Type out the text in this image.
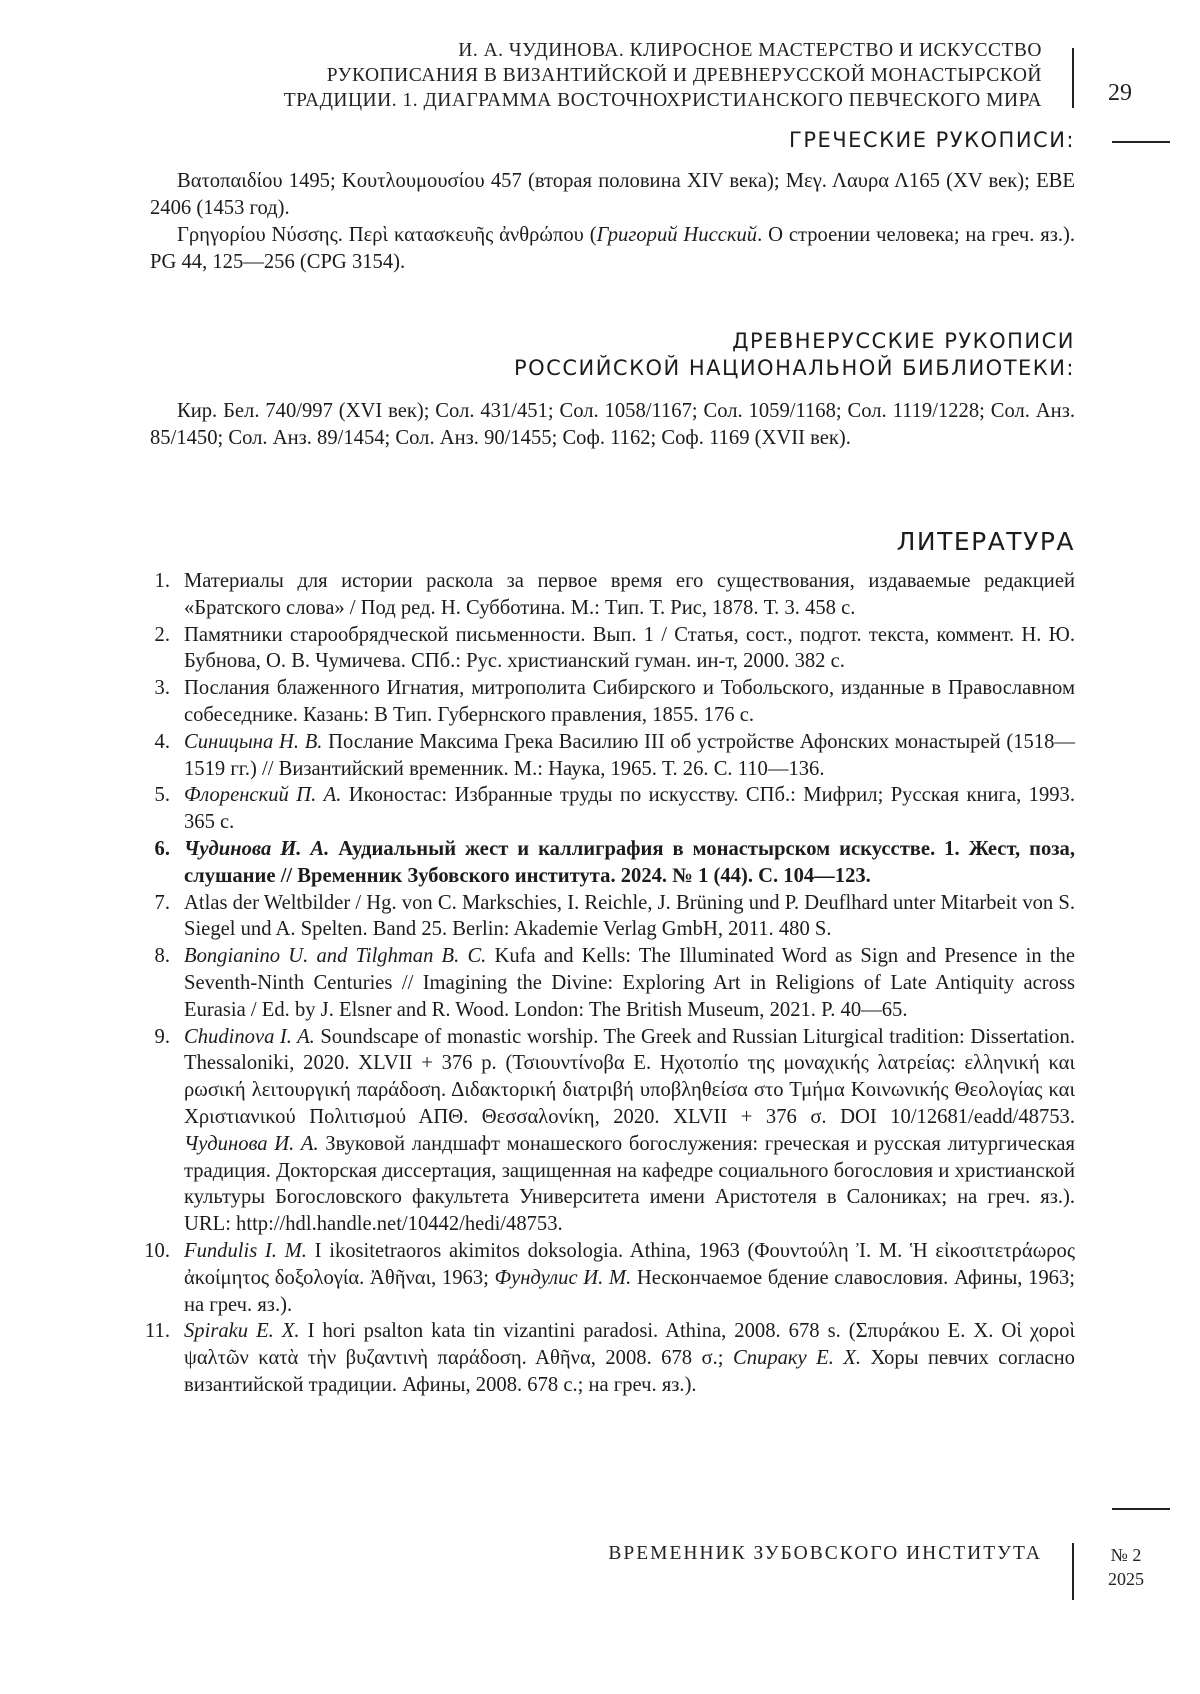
И. А. ЧУДИНОВА. КЛИРОСНОЕ МАСТЕРСТВО И ИСКУССТВО
РУКОПИСАНИЯ В ВИЗАНТИЙСКОЙ И ДРЕВНЕРУССКОЙ МОНАСТЫРСКОЙ
ТРАДИЦИИ. 1. ДИАГРАММА ВОСТОЧНОХРИСТИАНСКОГО ПЕВЧЕСКОГО МИРА	29
ГРЕЧЕСКИЕ РУКОПИСИ:

Βατοπαιδίου 1495; Κουτλουμουσίου 457 (вторая половина XIV века); Μεγ. Λαυρα Λ165 (XV век); ΕΒΕ 2406 (1453 год).

Γρηγορίου Νύσσης. Περὶ κατασκευῆς ἀνθρώπου (Григорий Нисский. О строении человека; на греч. яз.). PG 44, 125—256 (CPG 3154).

ДРЕВНЕРУССКИЕ РУКОПИСИ
РОССИЙСКОЙ НАЦИОНАЛЬНОЙ БИБЛИОТЕКИ:

Кир. Бел. 740/997 (XVI век); Сол. 431/451; Сол. 1058/1167; Сол. 1059/1168; Сол. 1119/1228; Сол. Анз. 85/1450; Сол. Анз. 89/1454; Сол. Анз. 90/1455; Соф. 1162; Соф. 1169 (XVII век).

ЛИТЕРАТУРА
1. Материалы для истории раскола за первое время его существования, издаваемые редакцией «Братского слова» / Под ред. Н. Субботина. М.: Тип. Т. Рис, 1878. Т. 3. 458 с.
2. Памятники старообрядческой письменности. Вып. 1 / Статья, сост., подгот. текста, коммент. Н. Ю. Бубнова, О. В. Чумичева. СПб.: Рус. христианский гуман. ин-т, 2000. 382 с.
3. Послания блаженного Игнатия, митрополита Сибирского и Тобольского, изданные в Православном собеседнике. Казань: В Тип. Губернского правления, 1855. 176 с.
4. Синицына Н. В. Послание Максима Грека Василию III об устройстве Афонских монастырей (1518—1519 гг.) // Византийский временник. М.: Наука, 1965. Т. 26. С. 110—136.
5. Флоренский П. А. Иконостас: Избранные труды по искусству. СПб.: Мифрил; Русская книга, 1993. 365 с.
6. Чудинова И. А. Аудиальный жест и каллиграфия в монастырском искусстве. 1. Жест, поза, слушание // Временник Зубовского института. 2024. № 1 (44). С. 104—123.
7. Atlas der Weltbilder / Hg. von C. Markschies, I. Reichle, J. Brüning und P. Deuflhard unter Mitarbeit von S. Siegel und A. Spelten. Band 25. Berlin: Akademie Verlag GmbH, 2011. 480 S.
8. Bongianino U. and Tilghman B. C. Kufa and Kells: The Illuminated Word as Sign and Presence in the Seventh-Ninth Centuries // Imagining the Divine: Exploring Art in Religions of Late Antiquity across Eurasia / Ed. by J. Elsner and R. Wood. London: The British Museum, 2021. P. 40—65.
9. Chudinova I. A. Soundscape of monastic worship. The Greek and Russian Liturgical tradition: Dissertation. Thessaloniki, 2020. XLVII + 376 p. (Τσιουντίνοβα Ε. Ηχοτοπίο της μοναχικής λατρείας: ελληνική και ρωσική λειτουργική παράδοση. Διδακτορική διατριβή υποβληθείσα στο Τμήμα Κοινωνικής Θεολογίας και Χριστιανικού Πολιτισμού ΑΠΘ. Θεσσαλονίκη, 2020. XLVII + 376 σ. DOI 10/12681/eadd/48753. Чудинова И. А. Звуковой ландшафт монашеского богослужения: греческая и русская литургическая традиция. Докторская диссертация, защищенная на кафедре социального богословия и христианской культуры Богословского факультета Университета имени Аристотеля в Салониках; на греч. яз.). URL: http://hdl.handle.net/10442/hedi/48753.
10. Fundulis I. M. I ikositetraoros akimitos doksologia. Athina, 1963 (Φουντούλη Ἰ. Μ. Ἡ εἰκοσιτετράωρος ἀκοίμητος δοξολογία. Ἀθῆναι, 1963; Фундулис И. М. Нескончаемое бдение славословия. Афины, 1963; на греч. яз.).
11. Spiraku E. X. I hori psalton kata tin vizantini paradosi. Athina, 2008. 678 s. (Σπυράκου Ε. Χ. Οἱ χοροὶ ψαλτῶν κατὰ τὴν βυζαντινὴ παράδοση. Αθῆνα, 2008. 678 σ.; Спираку Е. Х. Хоры певчих согласно византийской традиции. Афины, 2008. 678 с.; на греч. яз.).
ВРЕМЕННИК ЗУБОВСКОГО ИНСТИТУТА	№ 2
2025
